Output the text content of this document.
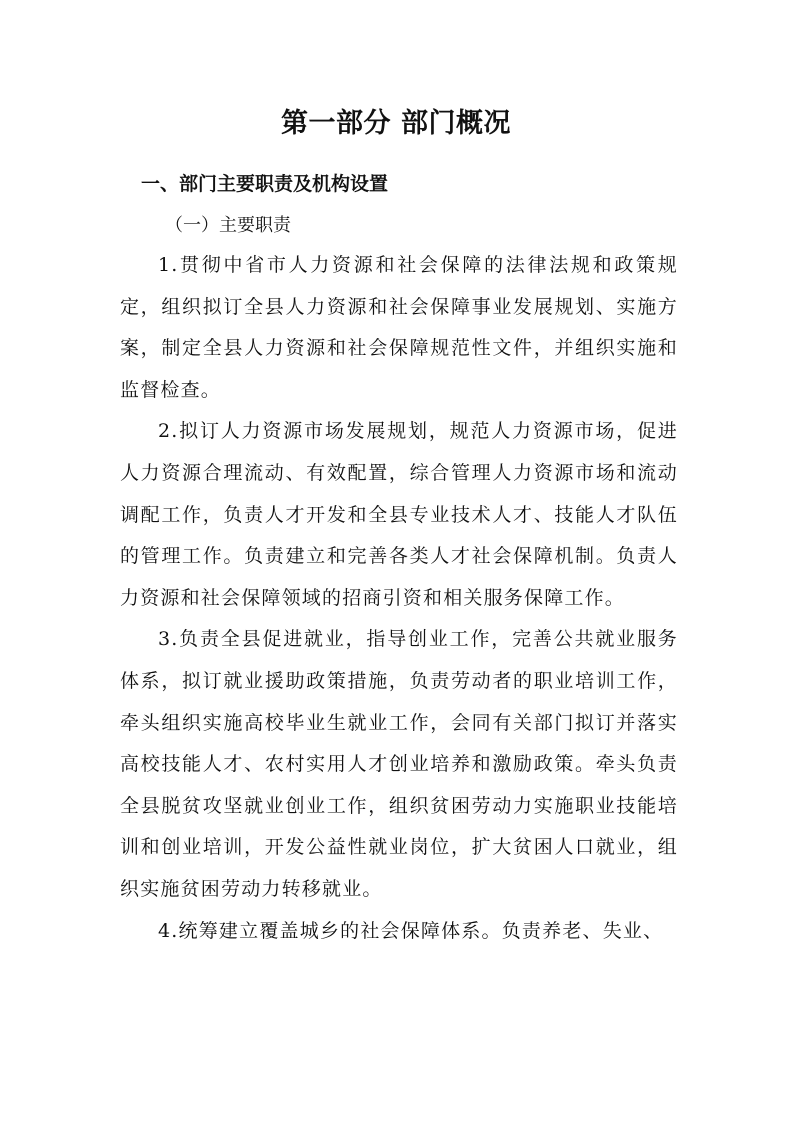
第一部分 部门概况
一、部门主要职责及机构设置
（一）主要职责

1.贯彻中省市人力资源和社会保障的法律法规和政策规定，组织拟订全县人力资源和社会保障事业发展规划、实施方案，制定全县人力资源和社会保障规范性文件，并组织实施和监督检查。

2.拟订人力资源市场发展规划，规范人力资源市场，促进人力资源合理流动、有效配置，综合管理人力资源市场和流动调配工作，负责人才开发和全县专业技术人才、技能人才队伍的管理工作。负责建立和完善各类人才社会保障机制。负责人力资源和社会保障领域的招商引资和相关服务保障工作。

3.负责全县促进就业，指导创业工作，完善公共就业服务体系，拟订就业援助政策措施，负责劳动者的职业培训工作，牵头组织实施高校毕业生就业工作，会同有关部门拟订并落实高校技能人才、农村实用人才创业培养和激励政策。牵头负责全县脱贫攻坚就业创业工作，组织贫困劳动力实施职业技能培训和创业培训，开发公益性就业岗位，扩大贫困人口就业，组织实施贫困劳动力转移就业。

4.统筹建立覆盖城乡的社会保障体系。负责养老、失业、
